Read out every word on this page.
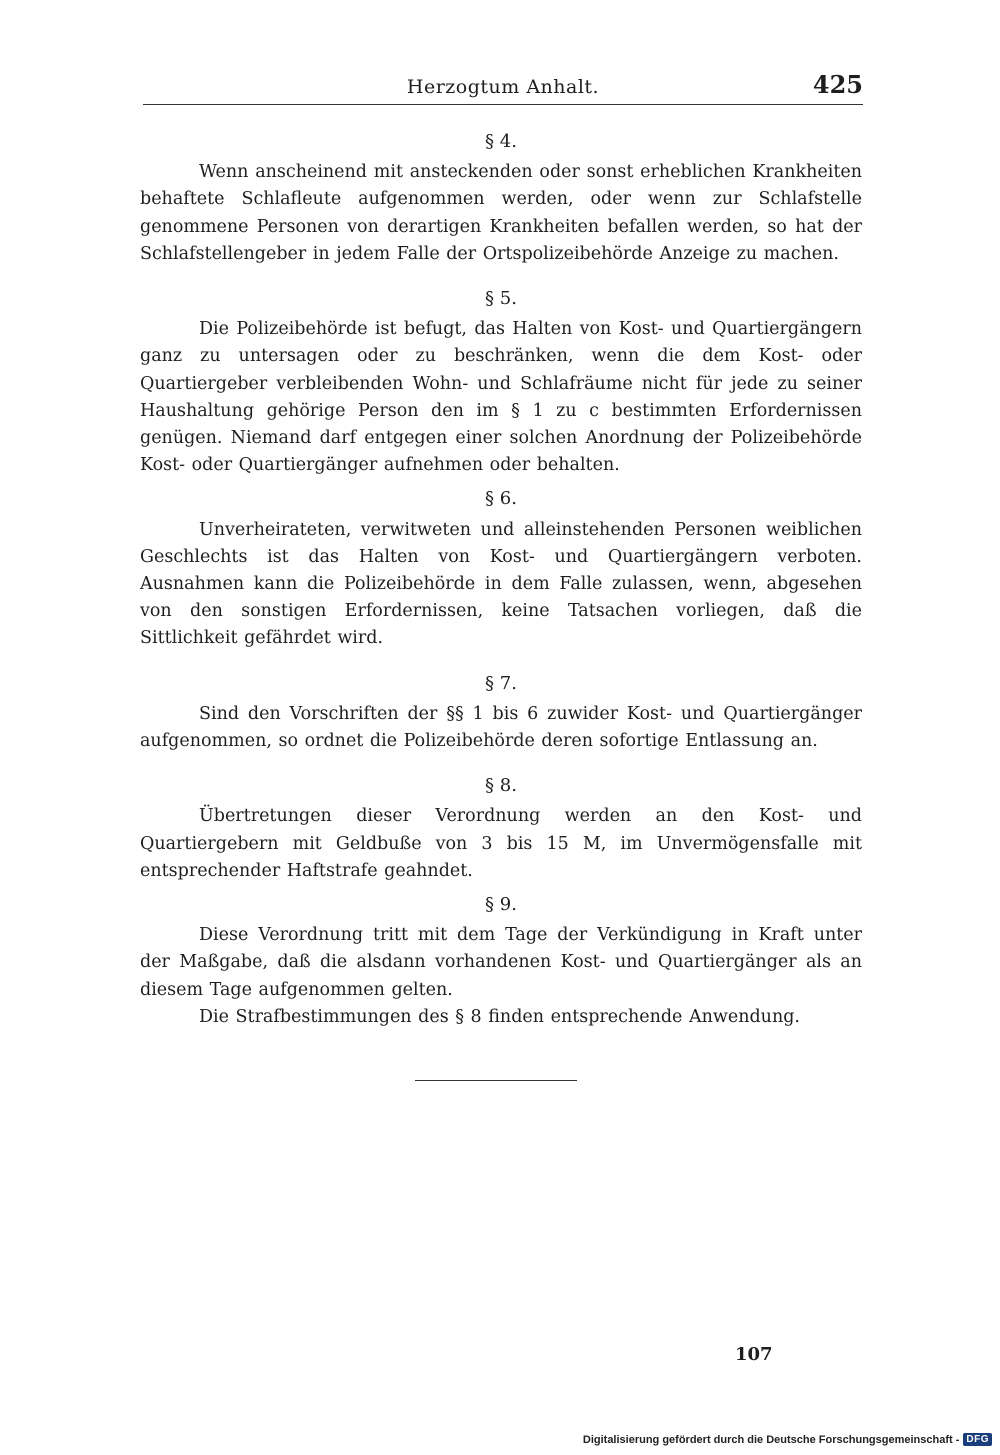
Herzogtum Anhalt.	425
§ 4.

Wenn anscheinend mit ansteckenden oder sonst erheblichen Krankheiten behaftete Schlafleute aufgenommen werden, oder wenn zur Schlafstelle genommene Personen von derartigen Krankheiten befallen werden, so hat der Schlafstellengeber in jedem Falle der Ortspolizeibehörde Anzeige zu machen.

§ 5.

Die Polizeibehörde ist befugt, das Halten von Kost- und Quartiergängern ganz zu untersagen oder zu beschränken, wenn die dem Kost- oder Quartiergeber verbleibenden Wohn- und Schlafräume nicht für jede zu seiner Haushaltung gehörige Person den im § 1 zu c bestimmten Erfordernissen genügen. Niemand darf entgegen einer solchen Anordnung der Polizeibehörde Kost- oder Quartiergänger aufnehmen oder behalten.

§ 6.

Unverheirateten, verwitweten und alleinstehenden Personen weiblichen Geschlechts ist das Halten von Kost- und Quartiergängern verboten. Ausnahmen kann die Polizeibehörde in dem Falle zulassen, wenn, abgesehen von den sonstigen Erfordernissen, keine Tatsachen vorliegen, daß die Sittlichkeit gefährdet wird.

§ 7.

Sind den Vorschriften der §§ 1 bis 6 zuwider Kost- und Quartiergänger aufgenommen, so ordnet die Polizeibehörde deren sofortige Entlassung an.

§ 8.

Übertretungen dieser Verordnung werden an den Kost- und Quartiergebern mit Geldbuße von 3 bis 15 M, im Unvermögensfalle mit entsprechender Haftstrafe geahndet.

§ 9.

Diese Verordnung tritt mit dem Tage der Verkündigung in Kraft unter der Maßgabe, daß die alsdann vorhandenen Kost- und Quartiergänger als an diesem Tage aufgenommen gelten.

Die Strafbestimmungen des § 8 finden entsprechende Anwendung.

107
Digitalisierung gefördert durch die Deutsche Forschungsgemeinschaft - DFG
